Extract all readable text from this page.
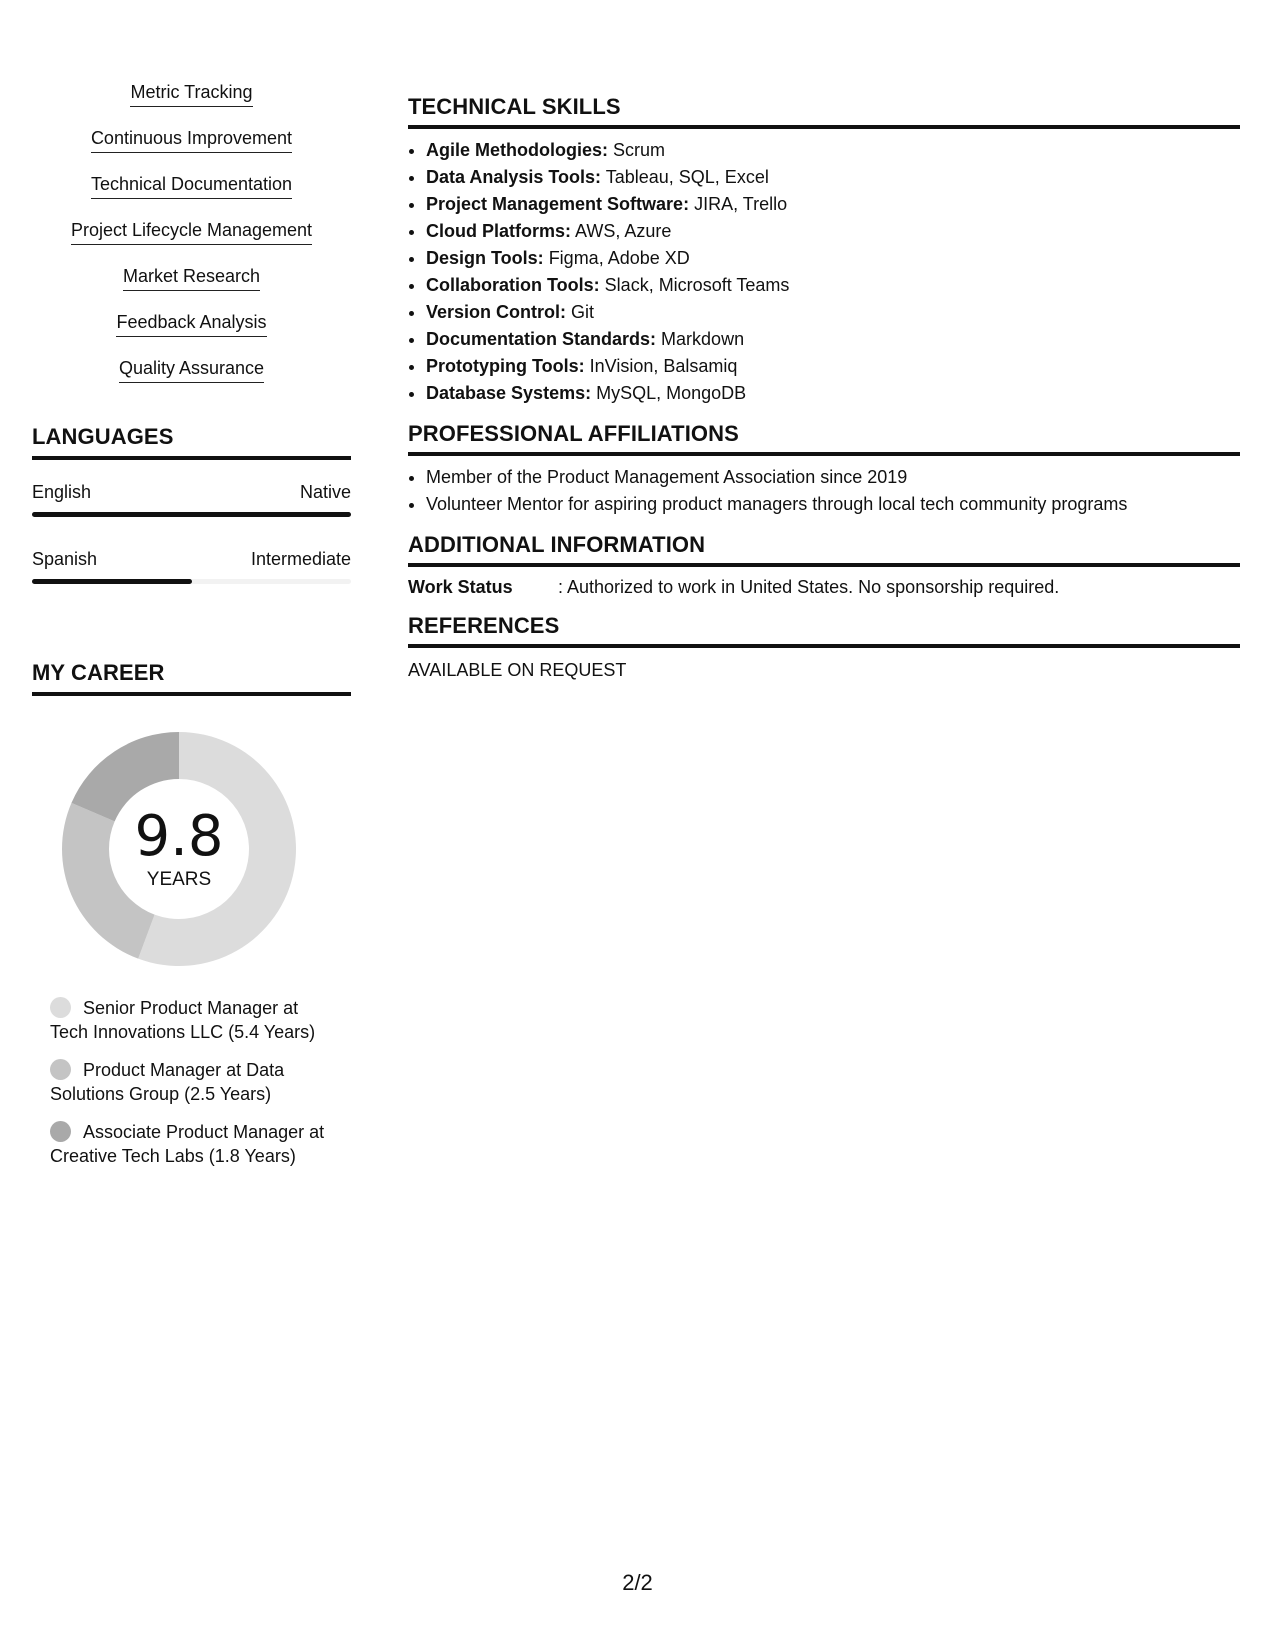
Metric Tracking
Continuous Improvement
Technical Documentation
Project Lifecycle Management
Market Research
Feedback Analysis
Quality Assurance
LANGUAGES
English	Native
Spanish	Intermediate
MY CAREER
9.8
YEARS
Senior Product Manager at Tech Innovations LLC (5.4 Years)
Product Manager at Data Solutions Group (2.5 Years)
Associate Product Manager at Creative Tech Labs (1.8 Years)
TECHNICAL SKILLS
• Agile Methodologies: Scrum
• Data Analysis Tools: Tableau, SQL, Excel
• Project Management Software: JIRA, Trello
• Cloud Platforms: AWS, Azure
• Design Tools: Figma, Adobe XD
• Collaboration Tools: Slack, Microsoft Teams
• Version Control: Git
• Documentation Standards: Markdown
• Prototyping Tools: InVision, Balsamiq
• Database Systems: MySQL, MongoDB
PROFESSIONAL AFFILIATIONS
• Member of the Product Management Association since 2019
• Volunteer Mentor for aspiring product managers through local tech community programs
ADDITIONAL INFORMATION
Work Status	: Authorized to work in United States. No sponsorship required.
REFERENCES
AVAILABLE ON REQUEST
2/2
